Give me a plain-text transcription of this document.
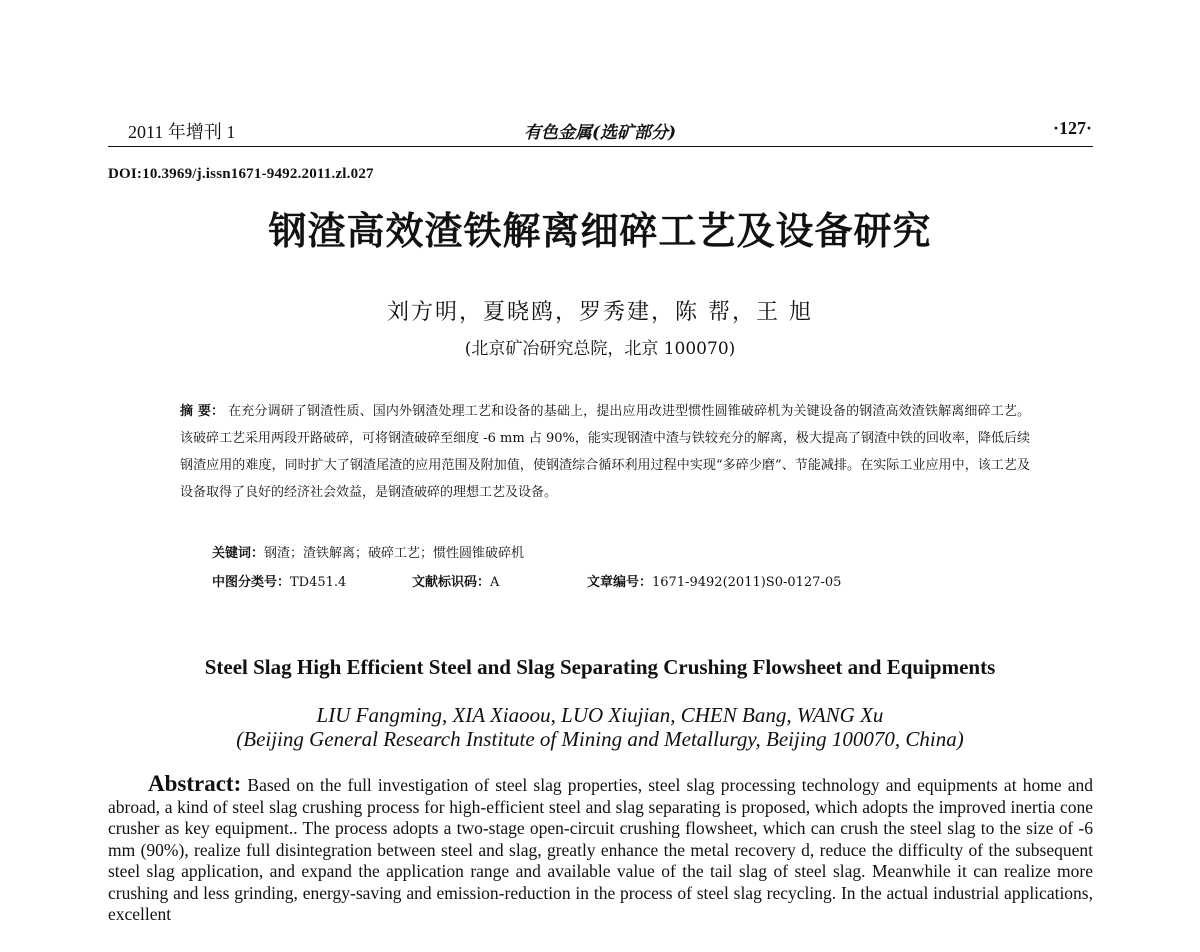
2011 年增刊 1	有色金属(选矿部分)	·127·
DOI:10.3969/j.issn1671-9492.2011.zl.027
钢渣高效渣铁解离细碎工艺及设备研究
刘方明，夏晓鸥，罗秀建，陈 帮，王 旭
(北京矿冶研究总院，北京 100070)
摘 要： 在充分调研了钢渣性质、国内外钢渣处理工艺和设备的基础上，提出应用改进型惯性圆锥破碎机为关键设备的钢渣高效渣铁解离细碎工艺。该破碎工艺采用两段开路破碎，可将钢渣破碎至细度 -6 mm 占 90%，能实现钢渣中渣与铁较充分的解离，极大提高了钢渣中铁的回收率，降低后续钢渣应用的难度，同时扩大了钢渣尾渣的应用范围及附加值，使钢渣综合循环利用过程中实现“多碎少磨”、节能减排。在实际工业应用中，该工艺及设备取得了良好的经济社会效益，是钢渣破碎的理想工艺及设备。
关键词：钢渣；渣铁解离；破碎工艺；惯性圆锥破碎机
中图分类号：TD451.4	文献标识码：A	文章编号：1671-9492(2011)S0-0127-05
Steel Slag High Efficient Steel and Slag Separating Crushing Flowsheet and Equipments
LIU Fangming, XIA Xiaoou, LUO Xiujian, CHEN Bang, WANG Xu
(Beijing General Research Institute of Mining and Metallurgy, Beijing 100070, China)
Abstract: Based on the full investigation of steel slag properties, steel slag processing technology and equipments at home and abroad, a kind of steel slag crushing process for high-efficient steel and slag separating is proposed, which adopts the improved inertia cone crusher as key equipment.. The process adopts a two-stage open-circuit crushing flowsheet, which can crush the steel slag to the size of -6 mm (90%), realize full disintegration between steel and slag, greatly enhance the metal recovery d, reduce the difficulty of the subsequent steel slag application, and expand the application range and available value of the tail slag of steel slag. Meanwhile it can realize more crushing and less grinding, energy-saving and emission-reduction in the process of steel slag recycling. In the actual industrial applications, excellent
